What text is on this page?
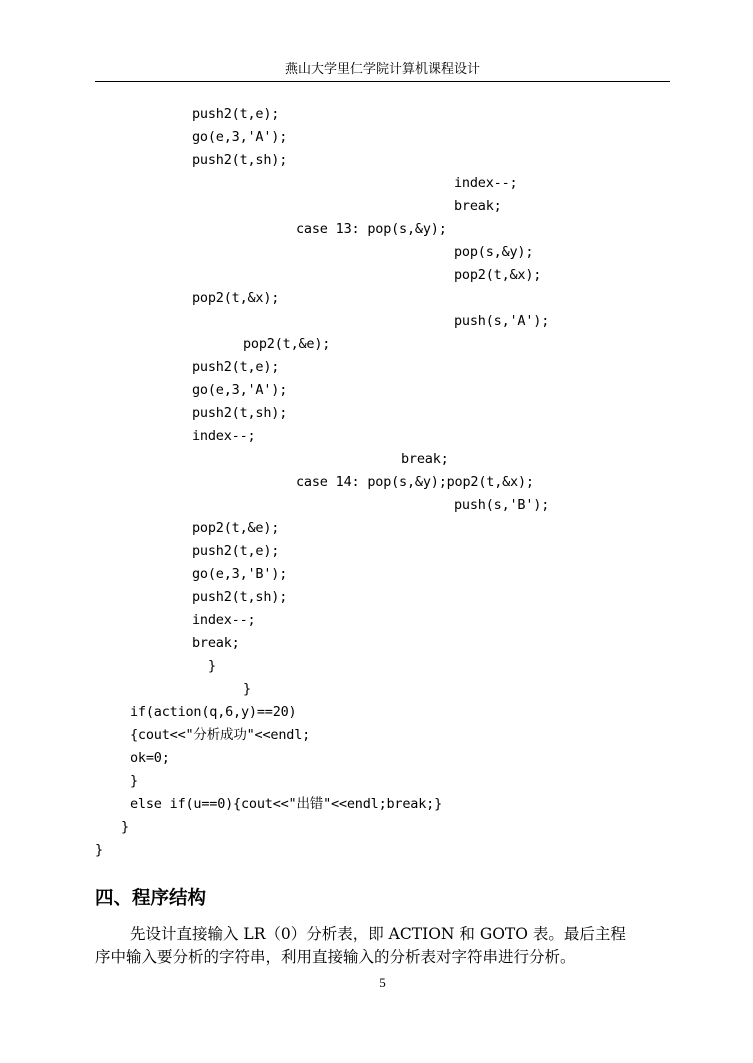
燕山大学里仁学院计算机课程设计
push2(t,e);
go(e,3,'A');
push2(t,sh);
index--;
break;
case 13: pop(s,&y);
pop(s,&y);
pop2(t,&x);
pop2(t,&x);
push(s,'A');
pop2(t,&e);
push2(t,e);
go(e,3,'A');
push2(t,sh);
index--;
break;
case 14: pop(s,&y);pop2(t,&x);
push(s,'B');
pop2(t,&e);
push2(t,e);
go(e,3,'B');
push2(t,sh);
index--;
break;
}
}
if(action(q,6,y)==20)
{cout<<"分析成功"<<endl;
ok=0;
}
else if(u==0){cout<<"出错"<<endl;break;}
}
}
四、程序结构
先设计直接输入 LR（0）分析表，即 ACTION 和 GOTO 表。最后主程
序中输入要分析的字符串，利用直接输入的分析表对字符串进行分析。
5
